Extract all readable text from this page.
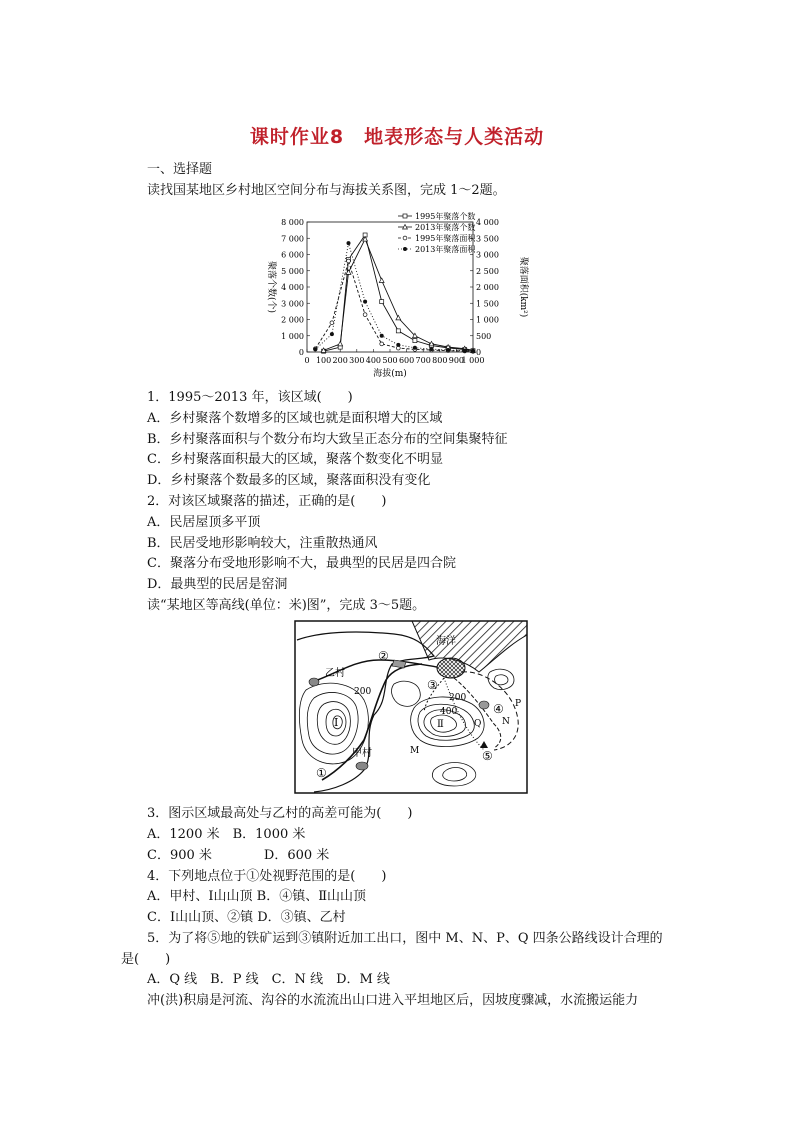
课时作业8　地表形态与人类活动
一、选择题
读找国某地区乡村地区空间分布与海拔关系图，完成 1～2题。
0
1 000
2 000
3 000
4 000
5 000
6 000
7 000
8 000
0
500
1 000
1 500
2 000
2 500
3 000
3 500
4 000
0 100 200 300 400 500 600 700 800 900
1 000
海拔(m)
聚落个数(个)	聚落面积(km²)
1995年聚落个数
2013年聚落个数
1995年聚落面积
2013年聚落面积
1．1995～2013 年，该区域(　　)
A．乡村聚落个数增多的区域也就是面积增大的区域
B．乡村聚落面积与个数分布均大致呈正态分布的空间集聚特征
C．乡村聚落面积最大的区域，聚落个数变化不明显
D．乡村聚落个数最多的区域，聚落面积没有变化
2．对该区域聚落的描述，正确的是(　　)
A．民居屋顶多平顶
B．民居受地形影响较大，注重散热通风
C．聚落分布受地形影响不大，最典型的民居是四合院
D．最典型的民居是窑洞
读“某地区等高线(单位：米)图”，完成 3～5题。
海洋
Ⅰ	Ⅱ
乙村
甲村
200
200
400
①
②
③
④
⑤
P
N
M
Q
3．图示区域最高处与乙村的高差可能为(　　)
A．1200 米　B．1000 米
C．900 米　　　　D．600 米
4．下列地点位于①处视野范围的是(　　)
A．甲村、Ⅰ山山顶 B．④镇、Ⅱ山山顶
C．Ⅰ山山顶、②镇 D．③镇、乙村
5．为了将⑤地的铁矿运到③镇附近加工出口，图中 M、N、P、Q 四条公路线设计合理的
是(　　)
A．Q 线　B．P 线　C．N 线　D．M 线
冲(洪)积扇是河流、沟谷的水流流出山口进入平坦地区后，因坡度骤减，水流搬运能力
